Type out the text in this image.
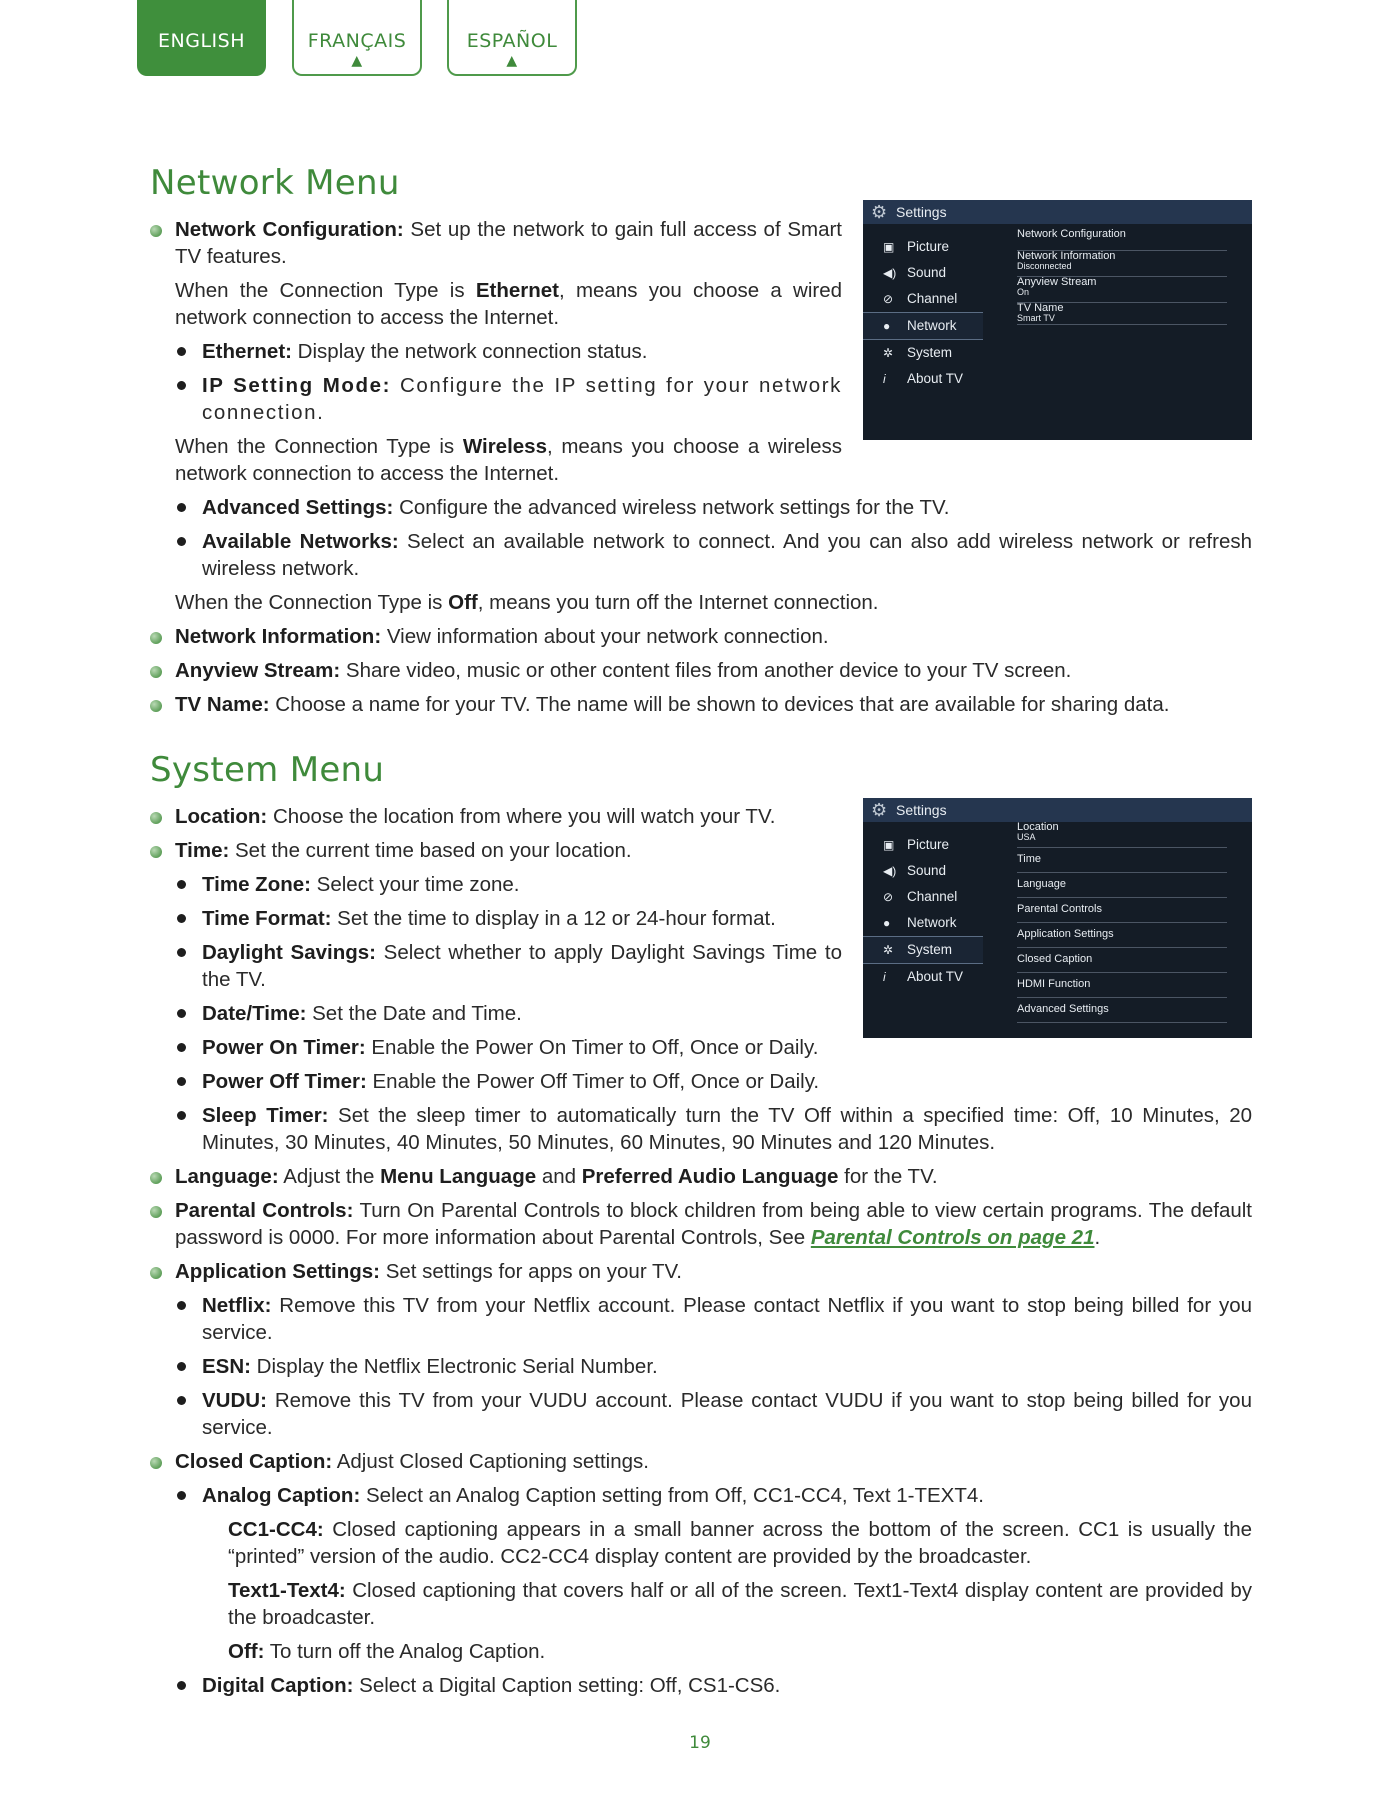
ENGLISH	FRANÇAIS
▲
ESPAÑOL
▲
Network Menu

Network Configuration: Set up the network to gain full access of Smart TV features.

When the Connection Type is Ethernet, means you choose a wired network connection to access the Internet.

Ethernet: Display the network connection status.

IP Setting Mode: Configure the IP setting for your network connection.

When the Connection Type is Wireless, means you choose a wireless network connection to access the Internet.

Advanced Settings: Configure the advanced wireless network settings for the TV.

Available Networks: Select an available network to connect. And you can also add wireless network or refresh wireless network.

When the Connection Type is Off, means you turn off the Internet connection.

Network Information: View information about your network connection.

Anyview Stream: Share video, music or other content files from another device to your TV screen.

TV Name: Choose a name for your TV. The name will be shown to devices that are available for sharing data.

⚙ Settings
▣ Picture
◀) Sound
⊘ Channel
● Network
✲ System
i About TV
Network Configuration
Network Information
Disconnected
Anyview Stream
On
TV Name
Smart TV
System Menu

Location: Choose the location from where you will watch your TV.

Time: Set the current time based on your location.

Time Zone: Select your time zone.

Time Format: Set the time to display in a 12 or 24-hour format.

Daylight Savings: Select whether to apply Daylight Savings Time to the TV.

Date/Time: Set the Date and Time.

Power On Timer: Enable the Power On Timer to Off, Once or Daily.

Power Off Timer: Enable the Power Off Timer to Off, Once or Daily.

Sleep Timer: Set the sleep timer to automatically turn the TV Off within a specified time: Off, 10 Minutes, 20 Minutes, 30 Minutes, 40 Minutes, 50 Minutes, 60 Minutes, 90 Minutes and 120 Minutes.

Language: Adjust the Menu Language and Preferred Audio Language for the TV.

Parental Controls: Turn On Parental Controls to block children from being able to view certain programs. The default password is 0000. For more information about Parental Controls, See Parental Controls on page 21.

Application Settings: Set settings for apps on your TV.

Netflix: Remove this TV from your Netflix account. Please contact Netflix if you want to stop being billed for you service.

ESN: Display the Netflix Electronic Serial Number.

VUDU: Remove this TV from your VUDU account. Please contact VUDU if you want to stop being billed for you service.

Closed Caption: Adjust Closed Captioning settings.

Analog Caption: Select an Analog Caption setting from Off, CC1-CC4, Text 1-TEXT4.

CC1-CC4: Closed captioning appears in a small banner across the bottom of the screen. CC1 is usually the “printed” version of the audio. CC2-CC4 display content are provided by the broadcaster.

Text1-Text4: Closed captioning that covers half or all of the screen. Text1-Text4 display content are provided by the broadcaster.

Off: To turn off the Analog Caption.

Digital Caption: Select a Digital Caption setting: Off, CS1-CS6.

⚙ Settings
▣ Picture
◀) Sound
⊘ Channel
● Network
✲ System
i About TV
Location
USA
Time
Language
Parental Controls
Application Settings
Closed Caption
HDMI Function
Advanced Settings
19
